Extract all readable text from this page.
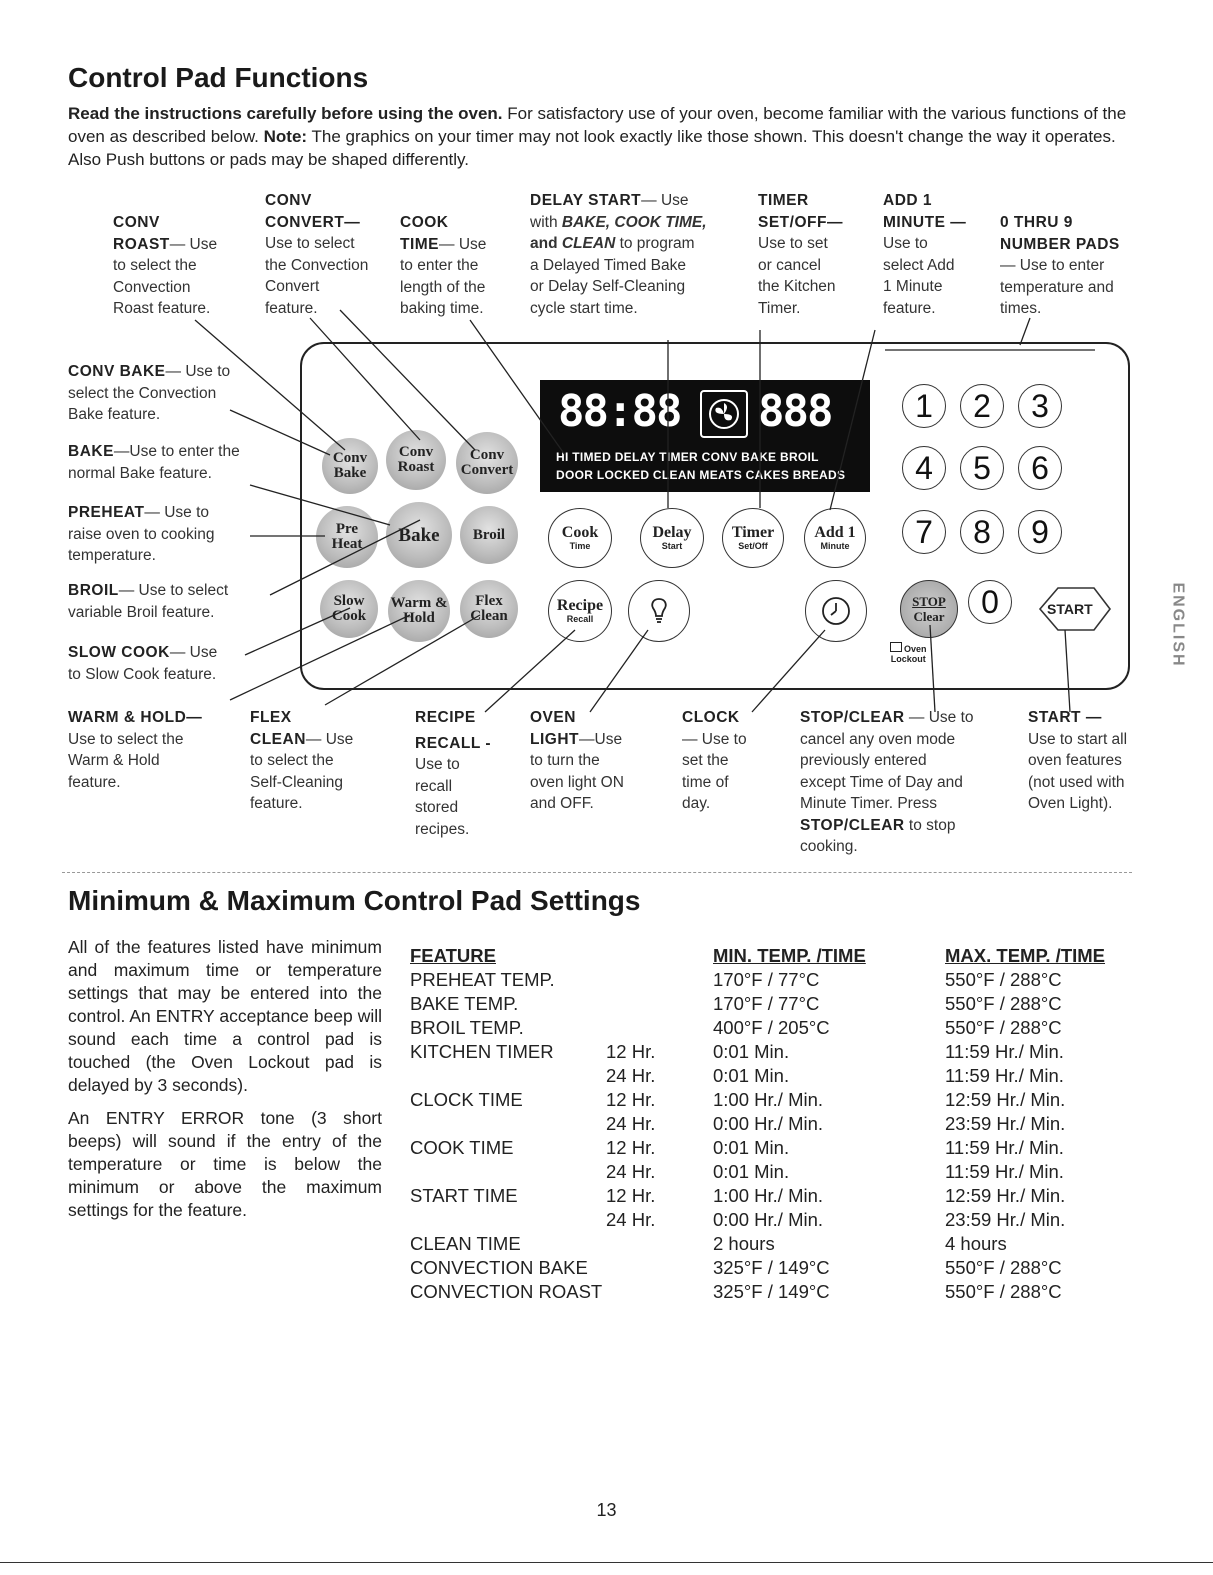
Control Pad Functions
Read the instructions carefully before using the oven. For satisfactory use of your oven, become familiar with the various functions of the oven as described below. Note: The graphics on your timer may not look exactly like those shown. This doesn't change the way it operates. Also Push buttons or pads may be shaped differently.
CONV
ROAST— Use
to select the
Convection
Roast feature.
CONV
CONVERT—
Use to select
the Convection
Convert
feature.
COOK
TIME— Use
to enter the
length of the
baking time.
DELAY START— Use
with BAKE, COOK TIME,
and CLEAN to program
a Delayed Timed Bake
or Delay Self-Cleaning
cycle start time.
TIMER
SET/OFF—
Use to set
or cancel
the Kitchen
Timer.
ADD 1
MINUTE —
Use to
select Add
1 Minute
feature.
0 THRU 9
NUMBER PADS
— Use to enter
temperature and
times.
CONV BAKE— Use to
select the Convection
Bake feature.
BAKE—Use to enter the
normal Bake feature.
PREHEAT— Use to
raise oven to cooking
temperature.
BROIL— Use to select
variable Broil feature.
SLOW COOK— Use
to Slow Cook feature.
88:88 888
HI TIMED DELAY TIMER CONV BAKE BROIL
DOOR LOCKED CLEAN MEATS CAKES BREADS
Conv
Bake
Conv
Roast
Conv
Convert
Pre
Heat Bake Broil
Slow
Cook
Warm &
Hold
Flex
Clean
Cook
Time
Delay
Start
Timer
Set/Off
Add 1
Minute
Recipe
Recall
1	2	3
4	5	6
7	8	9
STOP
Clear	0	START
Oven
Lockout
WARM & HOLD—
Use to select the
Warm & Hold
feature.
FLEX
CLEAN— Use
to select the
Self-Cleaning
feature.
RECIPE
RECALL -
Use to
recall
stored
recipes.
OVEN
LIGHT—Use
to turn the
oven light ON
and OFF.
CLOCK
— Use to
set the
time of
day.
STOP/CLEAR — Use to
cancel any oven mode
previously entered
except Time of Day and
Minute Timer. Press
STOP/CLEAR to stop
cooking.
START —
Use to start all
oven features
(not used with
Oven Light).
ENGLISH
Minimum & Maximum Control Pad Settings
All of the features listed have minimum and maximum time or temperature settings that may be entered into the control. An ENTRY acceptance beep will sound each time a control pad is touched (the Oven Lockout pad is delayed by 3 seconds).
An ENTRY ERROR tone (3 short beeps) will sound if the entry of the temperature or time is below the minimum or above the maximum settings for the feature.
FEATURE	MIN. TEMP. /TIME	MAX. TEMP. /TIME
PREHEAT TEMP.	170°F / 77°C	550°F / 288°C
BAKE TEMP.	170°F / 77°C	550°F / 288°C
BROIL TEMP.	400°F / 205°C	550°F / 288°C
KITCHEN TIMER	12 Hr.	0:01 Min.	11:59 Hr./ Min.
24 Hr.	0:01 Min.	11:59 Hr./ Min.
CLOCK TIME	12 Hr.	1:00 Hr./ Min.	12:59 Hr./ Min.
24 Hr.	0:00 Hr./ Min.	23:59 Hr./ Min.
COOK TIME	12 Hr.	0:01 Min.	11:59 Hr./ Min.
24 Hr.	0:01 Min.	11:59 Hr./ Min.
START TIME	12 Hr.	1:00 Hr./ Min.	12:59 Hr./ Min.
24 Hr.	0:00 Hr./ Min.	23:59 Hr./ Min.
CLEAN TIME	2 hours	4 hours
CONVECTION BAKE	325°F / 149°C	550°F / 288°C
CONVECTION ROAST	325°F / 149°C	550°F / 288°C
13
